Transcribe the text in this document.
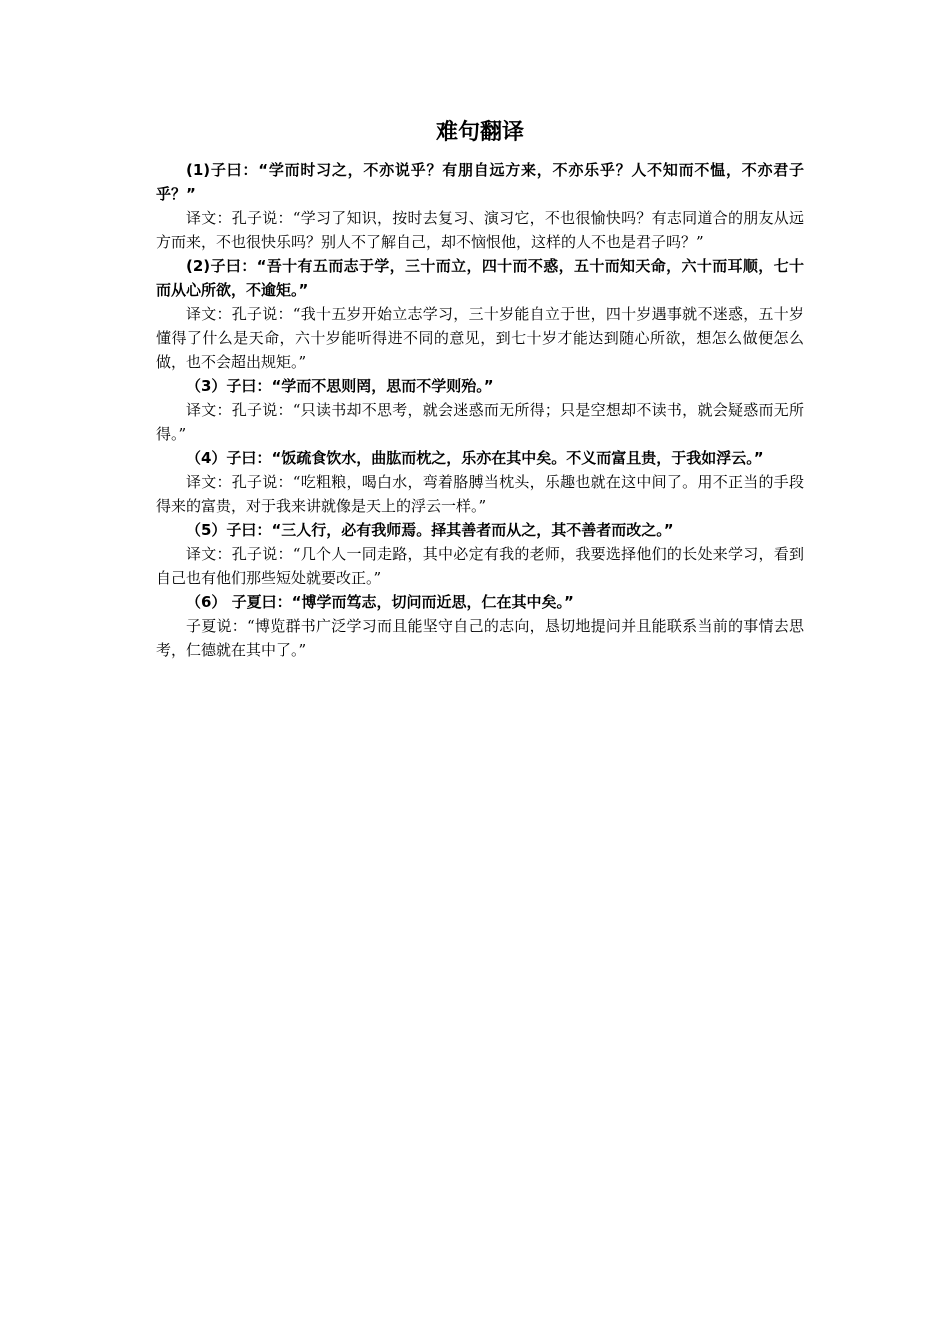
难句翻译

(1)子曰：“学而时习之，不亦说乎？有朋自远方来，不亦乐乎？人不知而不愠，不亦君子乎？”

译文：孔子说：“学习了知识，按时去复习、演习它，不也很愉快吗？有志同道合的朋友从远方而来，不也很快乐吗？别人不了解自己，却不恼恨他，这样的人不也是君子吗？”

(2)子曰：“吾十有五而志于学，三十而立，四十而不惑，五十而知天命，六十而耳顺，七十而从心所欲，不逾矩。”

译文：孔子说：“我十五岁开始立志学习，三十岁能自立于世，四十岁遇事就不迷惑，五十岁懂得了什么是天命，六十岁能听得进不同的意见，到七十岁才能达到随心所欲，想怎么做便怎么做，也不会超出规矩。”

（3）子曰：“学而不思则罔，思而不学则殆。”

译文：孔子说：“只读书却不思考，就会迷惑而无所得；只是空想却不读书，就会疑惑而无所得。”

（4）子曰：“饭疏食饮水，曲肱而枕之，乐亦在其中矣。不义而富且贵，于我如浮云。”

译文：孔子说：“吃粗粮，喝白水，弯着胳膊当枕头，乐趣也就在这中间了。用不正当的手段得来的富贵，对于我来讲就像是天上的浮云一样。”

（5）子曰：“三人行，必有我师焉。择其善者而从之，其不善者而改之。”

译文：孔子说：“几个人一同走路，其中必定有我的老师，我要选择他们的长处来学习，看到自己也有他们那些短处就要改正。”

（6） 子夏曰：“博学而笃志，切问而近思，仁在其中矣。”

子夏说：“博览群书广泛学习而且能坚守自己的志向，恳切地提问并且能联系当前的事情去思考，仁德就在其中了。”
